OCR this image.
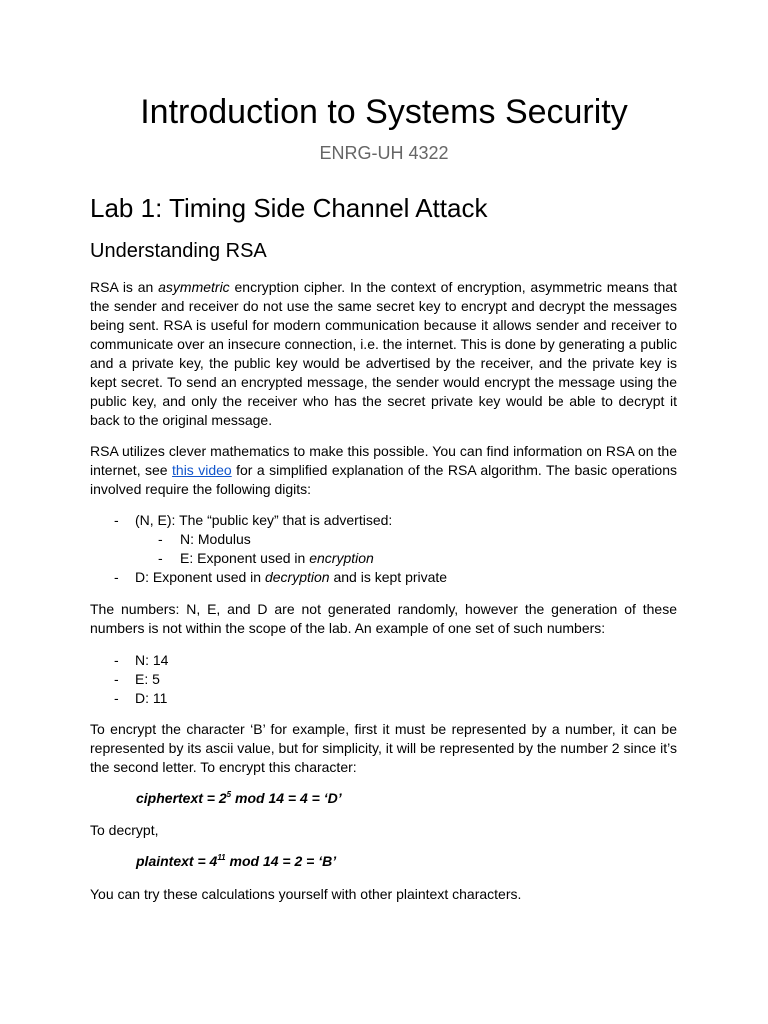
Introduction to Systems Security
ENRG-UH 4322
Lab 1: Timing Side Channel Attack
Understanding RSA

RSA is an asymmetric encryption cipher. In the context of encryption, asymmetric means that the sender and receiver do not use the same secret key to encrypt and decrypt the messages being sent. RSA is useful for modern communication because it allows sender and receiver to communicate over an insecure connection, i.e. the internet. This is done by generating a public and a private key, the public key would be advertised by the receiver, and the private key is kept secret. To send an encrypted message, the sender would encrypt the message using the public key, and only the receiver who has the secret private key would be able to decrypt it back to the original message.

RSA utilizes clever mathematics to make this possible. You can find information on RSA on the internet, see this video for a simplified explanation of the RSA algorithm. The basic operations involved require the following digits:

- (N, E): The “public key” that is advertised:
- N: Modulus
- E: Exponent used in encryption
- D: Exponent used in decryption and is kept private

The numbers: N, E, and D are not generated randomly, however the generation of these numbers is not within the scope of the lab. An example of one set of such numbers:

- N: 14
- E: 5
- D: 11

To encrypt the character ‘B’ for example, first it must be represented by a number, it can be represented by its ascii value, but for simplicity, it will be represented by the number 2 since it’s the second letter. To encrypt this character:

ciphertext = $2^5$ mod 14 = 4 = ‘D’

To decrypt,

plaintext = $4^{11}$ mod 14 = 2 = ‘B’

You can try these calculations yourself with other plaintext characters.
